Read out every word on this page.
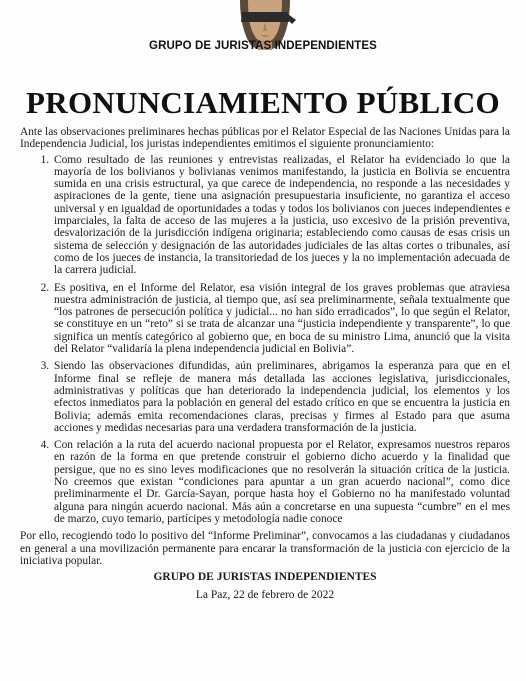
GRUPO DE JURISTAS INDEPENDIENTES
PRONUNCIAMIENTO PÚBLICO

Ante las observaciones preliminares hechas públicas por el Relator Especial de las Naciones Unidas para la Independencia Judicial, los juristas independientes emitimos el siguiente pronunciamiento:

1. Como resultado de las reuniones y entrevistas realizadas, el Relator ha evidenciado lo que la mayoría de los bolivianos y bolivianas venimos manifestando, la justicia en Bolivia se encuentra sumida en una crisis estructural, ya que carece de independencia, no responde a las necesidades y aspiraciones de la gente, tiene una asignación presupuestaria insuficiente, no garantiza el acceso universal y en igualdad de oportunidades a todas y todos los bolivianos con jueces independientes e imparciales, la falta de acceso de las mujeres a la justicia, uso excesivo de la prisión preventiva, desvalorización de la jurisdicción indígena originaria; estableciendo como causas de esas crisis un sistema de selección y designación de las autoridades judiciales de las altas cortes o tribunales, así como de los jueces de instancia, la transitoriedad de los jueces y la no implementación adecuada de la carrera judicial.
2. Es positiva, en el Informe del Relator, esa visión integral de los graves problemas que atraviesa nuestra administración de justicia, al tiempo que, así sea preliminarmente, señala textualmente que “los patrones de persecución política y judicial... no han sido erradicados”, lo que según el Relator, se constituye en un “reto” si se trata de alcanzar una “justicia independiente y transparente”, lo que significa un mentís categórico al gobierno que, en boca de su ministro Lima, anunció que la visita del Relator “validaría la plena independencia judicial en Bolivia”.
3. Siendo las observaciones difundidas, aún preliminares, abrigamos la esperanza para que en el Informe final se refleje de manera más detallada las acciones legislativa, jurisdiccionales, administrativas y políticas que han deteriorado la independencia judicial, los elementos y los efectos inmediatos para la población en general del estado crítico en que se encuentra la justicia en Bolivia; además emita recomendaciones claras, precisas y firmes al Estado para que asuma acciones y medidas necesarias para una verdadera transformación de la justicia.
4. Con relación a la ruta del acuerdo nacional propuesta por el Relator, expresamos nuestros reparos en razón de la forma en que pretende construir el gobierno dicho acuerdo y la finalidad que persigue, que no es sino leves modificaciones que no resolverán la situación crítica de la justicia. No creemos que existan “condiciones para apuntar a un gran acuerdo nacional”, como dice preliminarmente el Dr. García-Sayan, porque hasta hoy el Gobierno no ha manifestado voluntad alguna para ningún acuerdo nacional. Más aún a concretarse en una supuesta “cumbre” en el mes de marzo, cuyo temario, partícipes y metodología nadie conoce

Por ello, recogiendo todo lo positivo del “Informe Preliminar”, convocamos a las ciudadanas y ciudadanos en general a una movilización permanente para encarar la transformación de la justicia con ejercicio de la iniciativa popular.

GRUPO DE JURISTAS INDEPENDIENTES
La Paz, 22 de febrero de 2022
